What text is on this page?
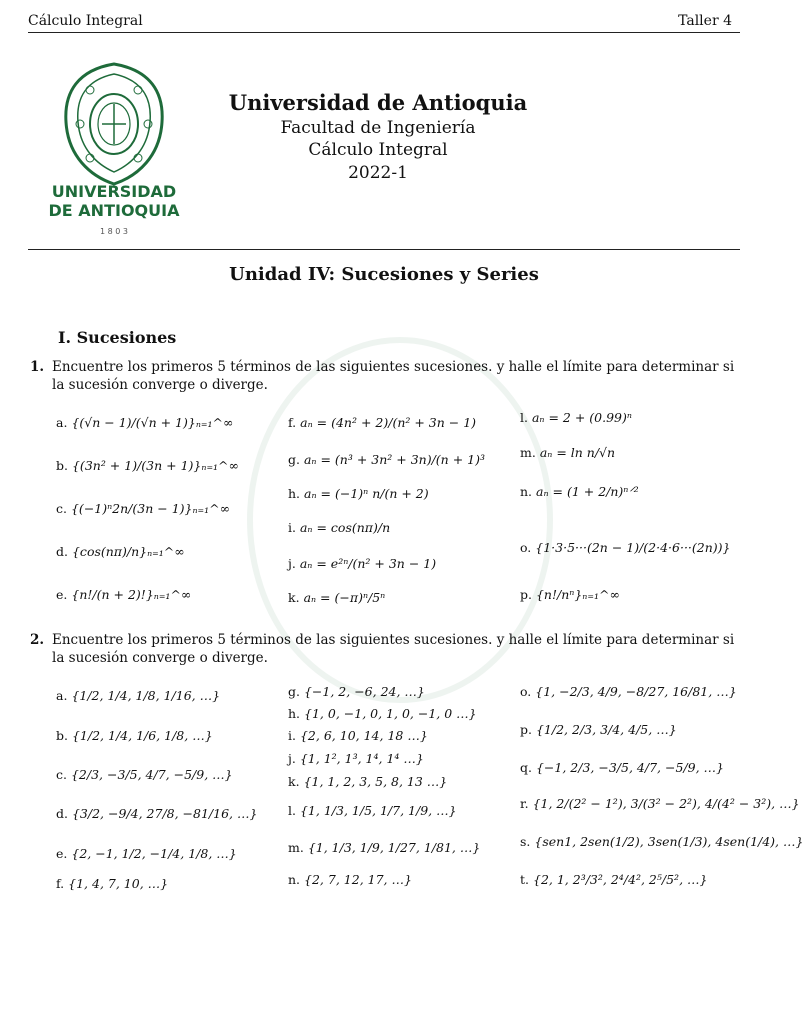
Cálculo Integral	Taller 4
UNIVERSIDAD
DE ANTIOQUIA
1 8 0 3
Universidad de Antioquia
Facultad de Ingeniería
Cálculo Integral
2022-1
Unidad IV: Sucesiones y Series
I. Sucesiones
1. Encuentre los primeros 5 términos de las siguientes sucesiones. y halle el límite para determinar si la sucesión converge o diverge.
a. {(√n − 1)/(√n + 1)}ₙ₌₁^∞
b. {(3n² + 1)/(3n + 1)}ₙ₌₁^∞
c. {(−1)ⁿ2n/(3n − 1)}ₙ₌₁^∞
d. {cos(nπ)/n}ₙ₌₁^∞
e. {n!/(n + 2)!}ₙ₌₁^∞
f. aₙ = (4n² + 2)/(n² + 3n − 1)
g. aₙ = (n³ + 3n² + 3n)/(n + 1)³
h. aₙ = (−1)ⁿ n/(n + 2)
i. aₙ = cos(nπ)/n
j. aₙ = e²ⁿ/(n² + 3n − 1)
k. aₙ = (−π)ⁿ/5ⁿ
l. aₙ = 2 + (0.99)ⁿ
m. aₙ = ln n/√n
n. aₙ = (1 + 2/n)ⁿᐟ²
o. {1·3·5···(2n − 1)/(2·4·6···(2n))}
p. {n!/nⁿ}ₙ₌₁^∞
2. Encuentre los primeros 5 términos de las siguientes sucesiones. y halle el límite para determinar si la sucesión converge o diverge.
a. {1/2, 1/4, 1/8, 1/16, …}
b. {1/2, 1/4, 1/6, 1/8, …}
c. {2/3, −3/5, 4/7, −5/9, …}
d. {3/2, −9/4, 27/8, −81/16, …}
e. {2, −1, 1/2, −1/4, 1/8, …}
f. {1, 4, 7, 10, …}
g. {−1, 2, −6, 24, …}
h. {1, 0, −1, 0, 1, 0, −1, 0 …}
i. {2, 6, 10, 14, 18 …}
j. {1, 1², 1³, 1⁴, 1⁴ …}
k. {1, 1, 2, 3, 5, 8, 13 …}
l. {1, 1/3, 1/5, 1/7, 1/9, …}
m. {1, 1/3, 1/9, 1/27, 1/81, …}
n. {2, 7, 12, 17, …}
o. {1, −2/3, 4/9, −8/27, 16/81, …}
p. {1/2, 2/3, 3/4, 4/5, …}
q. {−1, 2/3, −3/5, 4/7, −5/9, …}
r. {1, 2/(2² − 1²), 3/(3² − 2²), 4/(4² − 3²), …}
s. {sen1, 2sen(1/2), 3sen(1/3), 4sen(1/4), …}
t. {2, 1, 2³/3², 2⁴/4², 2⁵/5², …}
